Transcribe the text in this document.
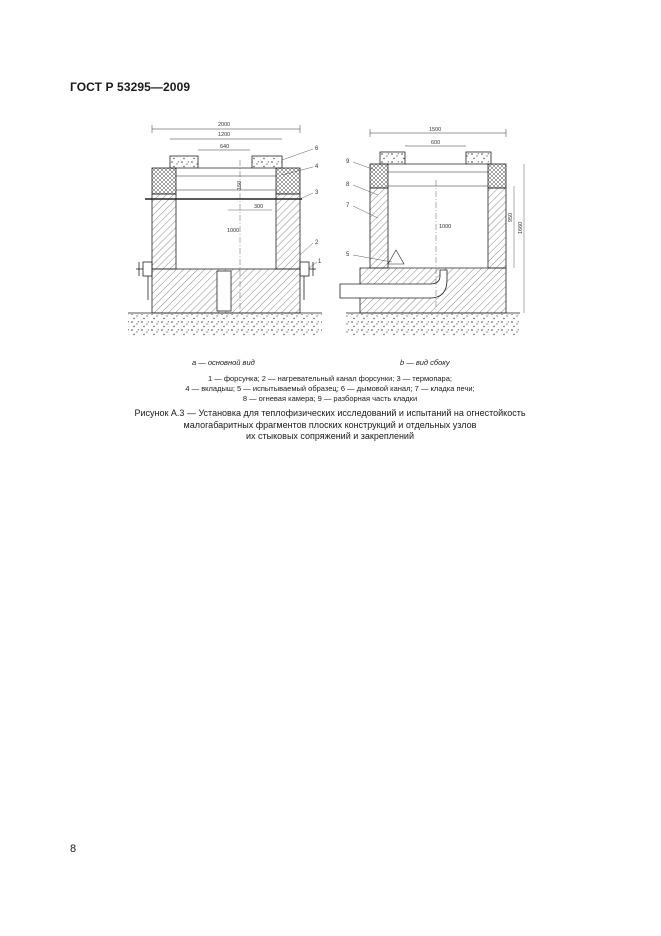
ГОСТ Р 53295—2009
2000
1200
640
150
300
1000
6
4
3
2
1
1500
600
1000
950
1660
9
8
7
5
а — основной вид	b — вид сбоку
1 — форсунка; 2 — нагревательный канал форсунки; 3 — термопара;
4 — вкладыш; 5 — испытываемый образец; 6 — дымовой канал; 7 — кладка печи;
8 — огневая камера; 9 — разборная часть кладки
Рисунок А.3 — Установка для теплофизических исследований и испытаний на огнестойкость
малогабаритных фрагментов плоских конструкций и отдельных узлов
их стыковых сопряжений и закреплений
8
